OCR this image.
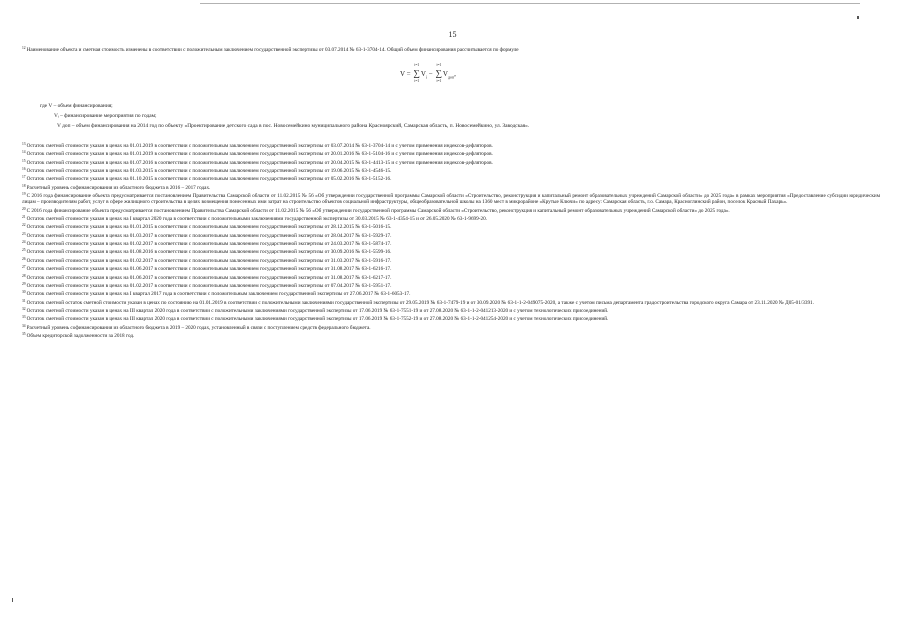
15

$^{12}$Наименование объекта и сметная стоимость изменены в соответствии с положительным заключением государственной экспертизы от 03.07.2014 № 63-1-3704-14. Общий объем финансирования рассчитывается по формуле

V = ∑
i=1
i=1
$V_i$ − ∑
i=1
i=1
$V_{доп}$,
где V – объем финансирования;
Vᵢ – финансирование мероприятия по годам;
V доп – объем финансирования на 2014 год по объекту «Проектирование детского сада в пос. Новосемейкино муниципального района Красноярский, Самарская область, п. Новосемейкино, ул. Заводская».

$^{13}$Остаток сметной стоимости указан в ценах на 01.01.2019 в соответствии с положительным заключением государственной экспертизы от 03.07.2014 № 63-1-3704-14 и с учетом применения индексов-дефляторов.

$^{14}$Остаток сметной стоимости указан в ценах на 01.01.2019 в соответствии с положительным заключением государственной экспертизы от 20.01.2016 № 63-1-5104-16 и с учетом применения индексов-дефляторов.

$^{15}$Остаток сметной стоимости указан в ценах на 01.07.2016 в соответствии с положительным заключением государственной экспертизы от 20.04.2015 № 63-1-4413-15 и с учетом применения индексов-дефляторов.

$^{16}$Остаток сметной стоимости указан в ценах на 01.03.2015 в соответствии с положительным заключением государственной экспертизы от 19.06.2015 № 63-1-4546-15.

$^{17}$Остаток сметной стоимости указан в ценах на 01.10.2015 в соответствии с положительным заключением государственной экспертизы от 05.02.2016 № 63-1-5152-16.

$^{18}$Расчетный уровень софинансирования из областного бюджета в 2016 – 2017 годах.

$^{19}$С 2016 года финансирование объекта предусматривается постановлением Правительства Самарской области от 11.02.2015 № 56 «Об утверждении государственной программы Самарской области «Строительство, реконструкция и капитальный ремонт образовательных учреждений Самарской области» до 2025 года» в рамках мероприятия «Предоставление субсидии юридическим лицам – производителям работ, услуг в сфере жилищного строительства в целях возмещения понесенных ими затрат на строительство объектов социальной инфраструктуры, общеобразовательной школы на 1360 мест в микрорайоне «Крутые Ключи» по адресу: Самарская область, г.о. Самара, Красноглинский район, поселок Красный Пахарь».

$^{20}$С 2016 года финансирование объекта предусматривается постановлением Правительства Самарской области от 11.02.2015 № 56 «Об утверждении государственной программы Самарской области «Строительство, реконструкция и капитальный ремонт образовательных учреждений Самарской области» до 2025 года».

$^{21}$Остаток сметной стоимости указан в ценах на I квартал 2020 года в соответствии с положительными заключениями государственной экспертизы от 30.03.2015 № 63-1-4354-15 и от 26.05.2020 № 63-1-9699-20.

$^{22}$Остаток сметной стоимости указан в ценах на 01.01.2015 в соответствии с положительным заключением государственной экспертизы от 28.12.2015 № 63-1-5016-15.

$^{23}$Остаток сметной стоимости указан в ценах на 01.03.2017 в соответствии с положительным заключением государственной экспертизы от 28.04.2017 № 63-1-5929-17.

$^{24}$Остаток сметной стоимости указан в ценах на 01.02.2017 в соответствии с положительным заключением государственной экспертизы от 24.03.2017 № 63-1-5874-17.

$^{25}$Остаток сметной стоимости указан в ценах на 01.08.2016 в соответствии с положительным заключением государственной экспертизы от 30.09.2016 № 63-1-5599-16.

$^{26}$Остаток сметной стоимости указан в ценах на 01.02.2017 в соответствии с положительным заключением государственной экспертизы от 31.03.2017 № 63-1-5916-17.

$^{27}$Остаток сметной стоимости указан в ценах на 01.06.2017 в соответствии с положительным заключением государственной экспертизы от 31.08.2017 № 63-1-6216-17.

$^{28}$Остаток сметной стоимости указан в ценах на 01.06.2017 в соответствии с положительным заключением государственной экспертизы от 31.08.2017 № 63-1-6217-17.

$^{29}$Остаток сметной стоимости указан в ценах на 01.02.2017 в соответствии с положительным заключением государственной экспертизы от 07.04.2017 № 63-1-5951-17.

$^{30}$Остаток сметной стоимости указан в ценах на I квартал 2017 года в соответствии с положительным заключением государственной экспертизы от 27.06.2017 № 63-1-6053-17.

$^{31}$Остаток сметной остаток сметной стоимости указан в ценах по состоянию на 01.01.2019 в соответствии с положительными заключениями государственной экспертизы от 29.05.2019 № 63-1-7479-19 и от 30.09.2020 № 63-1-1-2-049075-2020, а также с учетом письма департамента градостроительства городского округа Самара от 23.11.2020 № Д05-01/3391.

$^{32}$Остаток сметной стоимости указан в ценах на III квартал 2020 года в соответствии с положительными заключениями государственной экспертизы от 17.06.2019 № 63-1-7551-19 и от 27.08.2020 № 63-1-1-2-041213-2020 и с учетом технологических присоединений.

$^{33}$Остаток сметной стоимости указан в ценах на III квартал 2020 года в соответствии с положительными заключениями государственной экспертизы от 17.06.2019 № 63-1-7552-19 и от 27.08.2020 № 63-1-1-2-041254-2020 и с учетом технологических присоединений.

$^{34}$Расчетный уровень софинансирования из областного бюджета в 2019 – 2020 годах, установленный в связи с поступлением средств федерального бюджета.

$^{35}$Объем кредиторской задолженности за 2018 год.
